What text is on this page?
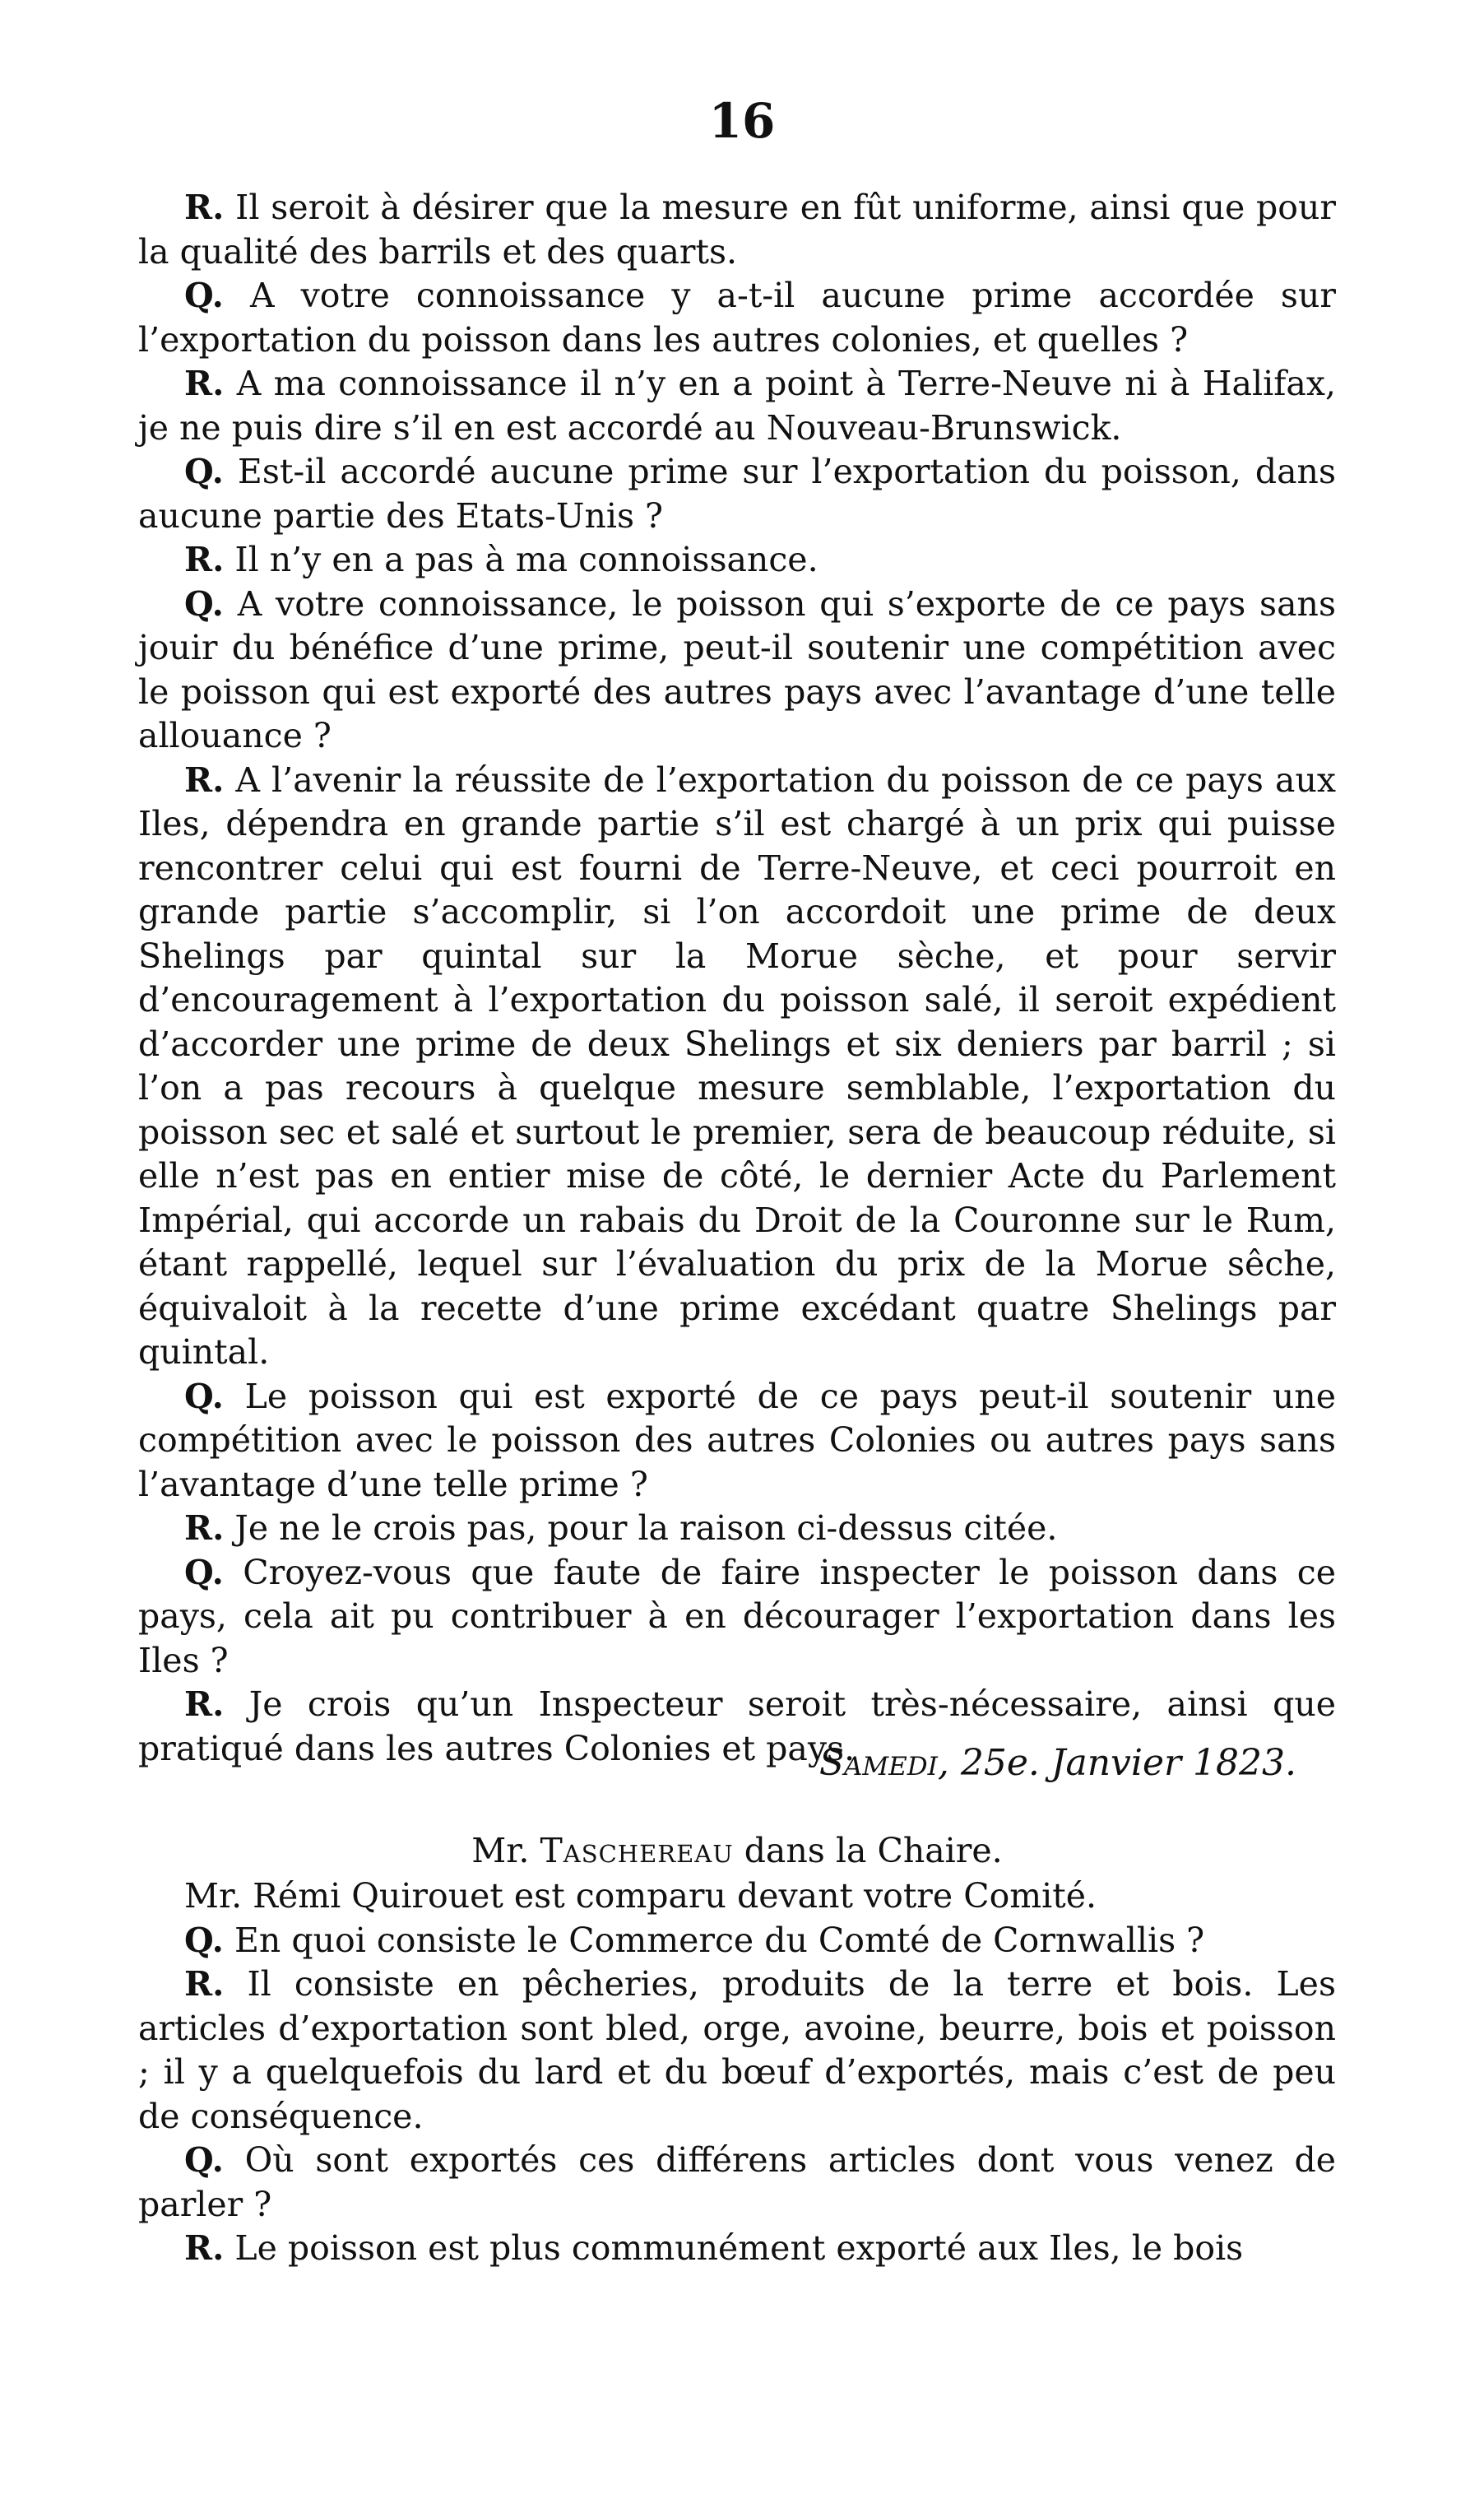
16

R. Il seroit à désirer que la mesure en fût uniforme, ainsi que pour la qualité des barrils et des quarts.

Q. A votre connoissance y a-t-il aucune prime accordée sur l’exportation du poisson dans les autres colonies, et quelles ?

R. A ma connoissance il n’y en a point à Terre-Neuve ni à Halifax, je ne puis dire s’il en est accordé au Nouveau-Brunswick.

Q. Est-il accordé aucune prime sur l’exportation du poisson, dans aucune partie des Etats-Unis ?

R. Il n’y en a pas à ma connoissance.

Q. A votre connoissance, le poisson qui s’exporte de ce pays sans jouir du bénéfice d’une prime, peut-il soutenir une compétition avec le poisson qui est exporté des autres pays avec l’avantage d’une telle allouance ?

R. A l’avenir la réussite de l’exportation du poisson de ce pays aux Iles, dépendra en grande partie s’il est chargé à un prix qui puisse rencontrer celui qui est fourni de Terre-Neuve, et ceci pourroit en grande partie s’accomplir, si l’on accordoit une prime de deux Shelings par quintal sur la Morue sèche, et pour servir d’encouragement à l’exportation du poisson salé, il seroit expédient d’accorder une prime de deux Shelings et six deniers par barril ; si l’on a pas recours à quelque mesure semblable, l’exportation du poisson sec et salé et surtout le premier, sera de beaucoup réduite, si elle n’est pas en entier mise de côté, le dernier Acte du Parlement Impérial, qui accorde un rabais du Droit de la Couronne sur le Rum, étant rappellé, lequel sur l’évaluation du prix de la Morue sêche, équivaloit à la recette d’une prime excédant quatre Shelings par quintal.

Q. Le poisson qui est exporté de ce pays peut-il soutenir une compétition avec le poisson des autres Colonies ou autres pays sans l’avantage d’une telle prime ?

R. Je ne le crois pas, pour la raison ci-dessus citée.

Q. Croyez-vous que faute de faire inspecter le poisson dans ce pays, cela ait pu contribuer à en décourager l’exportation dans les Iles ?

R. Je crois qu’un Inspecteur seroit très-nécessaire, ainsi que pratiqué dans les autres Colonies et pays.

Samedi, 25e. Janvier 1823.
Mr. Taschereau dans la Chaire.

Mr. Rémi Quirouet est comparu devant votre Comité.

Q. En quoi consiste le Commerce du Comté de Cornwallis ?

R. Il consiste en pêcheries, produits de la terre et bois. Les articles d’exportation sont bled, orge, avoine, beurre, bois et poisson ; il y a quelquefois du lard et du bœuf d’exportés, mais c’est de peu de conséquence.

Q. Où sont exportés ces différens articles dont vous venez de parler ?

R. Le poisson est plus communément exporté aux Iles, le bois
